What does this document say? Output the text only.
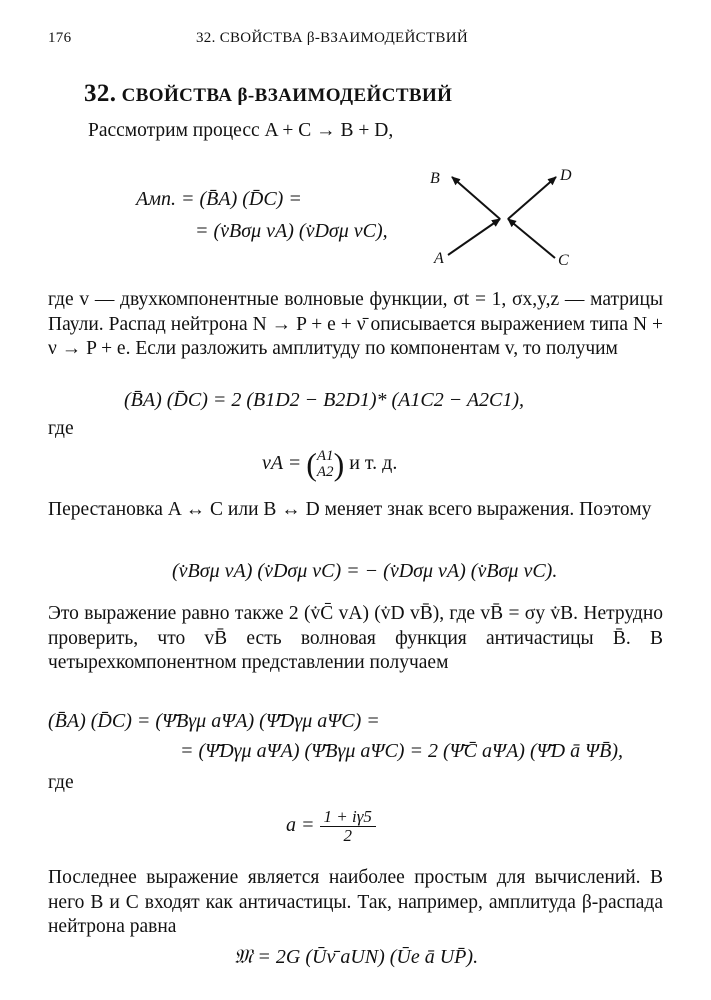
176	32. СВОЙСТВА β-ВЗАИМОДЕЙСТВИЙ
32. СВОЙСТВА β-ВЗАИМОДЕЙСТВИЙ
Рассмотрим процесс A + C → B + D,
Амп. = (B̄A) (D̄C) =
= (v̇Bσμ vA) (v̇Dσμ vC),
A
B
C
D
где v — двухкомпонентные волновые функции, σt = 1, σx,y,z — матрицы Паули. Распад нейтрона N → P + e + ν̄ описывается выражением типа N + ν → P + e. Если разложить амплитуду по компонентам v, то получим
(B̄A) (D̄C) = 2 (B1D2 − B2D1)* (A1C2 − A2C1),
где
vA = ( A1
A2 ) и т. д.
Перестановка A ↔ C или B ↔ D меняет знак всего выражения. Поэтому
(v̇Bσμ vA) (v̇Dσμ vC) = − (v̇Dσμ vA) (v̇Bσμ vC).
Это выражение равно также 2 (v̇C̄ vA) (v̇D vB̄), где vB̄ = σy v̇B. Нетрудно проверить, что vB̄ есть волновая функция античастицы B̄. В четырехкомпонентном представлении получаем
(B̄A) (D̄C) = (Ψ̄Bγμ aΨA) (Ψ̄Dγμ aΨC) =
= (Ψ̄Dγμ aΨA) (Ψ̄Bγμ aΨC) = 2 (Ψ̄C̄ aΨA) (Ψ̄D ā ΨB̄),
где
$a = \frac{1 + i\gamma 5}{2}$
Последнее выражение является наиболее простым для вычислений. В него B и C входят как античастицы. Так, например, амплитуда β-распада нейтрона равна
𝔐 = 2G (Ūν̄ aUN) (Ūe ā UP̄).
